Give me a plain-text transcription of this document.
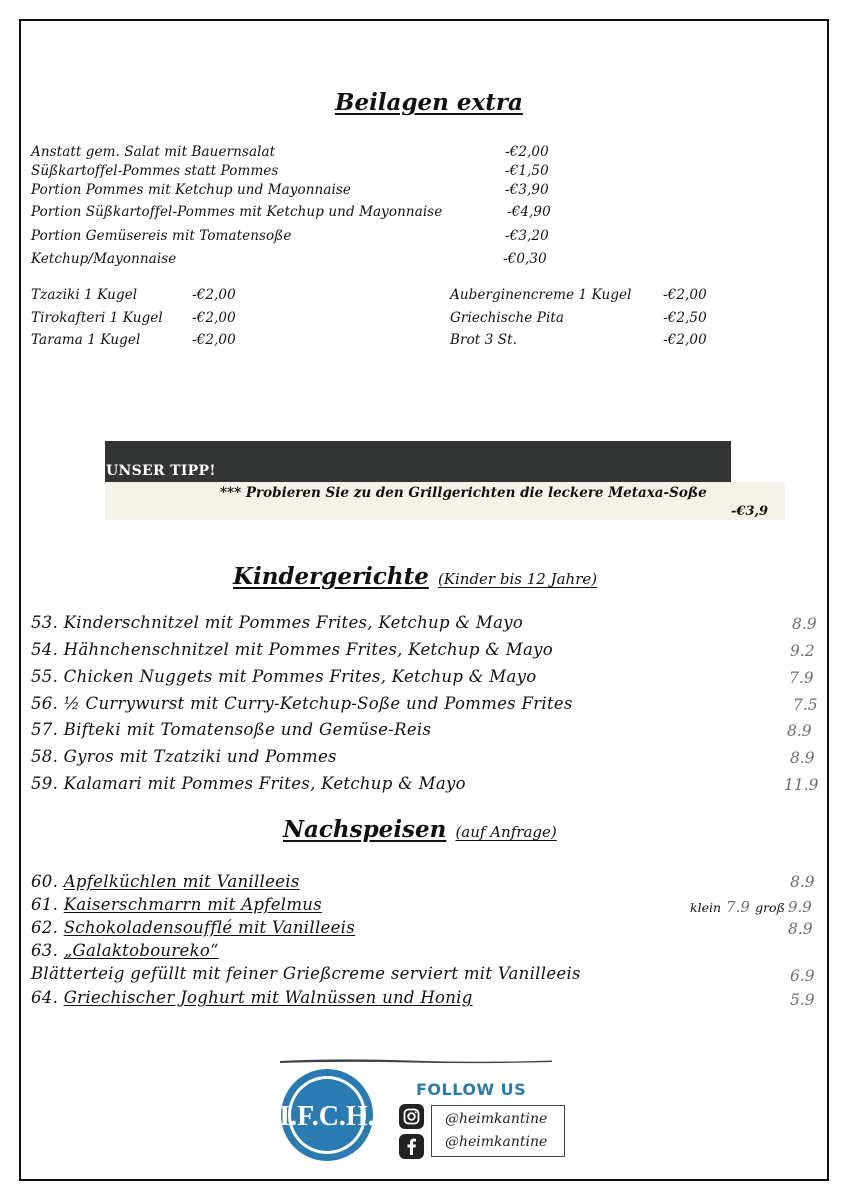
Beilagen extra
Anstatt gem. Salat mit Bauernsalat	-€2,00
Süßkartoffel-Pommes statt Pommes	-€1,50
Portion Pommes mit Ketchup und Mayonnaise	-€3,90
Portion Süßkartoffel-Pommes mit Ketchup und Mayonnaise	-€4,90
Portion Gemüsereis mit Tomatensoße	-€3,20
Ketchup/Mayonnaise	-€0,30
Tzaziki 1 Kugel	-€2,00
Tirokafteri 1 Kugel -€2,00
Tarama 1 Kugel	-€2,00
Auberginencreme 1 Kugel -€2,00
Griechische Pita	-€2,50
Brot 3 St.	-€2,00
UNSER TIPP!
*** Probieren Sie zu den Grillgerichten die leckere Metaxa-Soße
-€3,9
Kindergerichte (Kinder bis 12 Jahre)
53. Kinderschnitzel mit Pommes Frites, Ketchup & Mayo	8.9
54. Hähnchenschnitzel mit Pommes Frites, Ketchup & Mayo	9.2
55. Chicken Nuggets mit Pommes Frites, Ketchup & Mayo	7.9
56. ½ Currywurst mit Curry-Ketchup-Soße und Pommes Frites	7.5
57. Bifteki mit Tomatensoße und Gemüse-Reis	8.9
58. Gyros mit Tzatziki und Pommes	8.9
59. Kalamari mit Pommes Frites, Ketchup & Mayo	11.9
Nachspeisen (auf Anfrage)
60. Apfelküchlen mit Vanilleeis	8.9
61. Kaiserschmarrn mit Apfelmus	klein 7.9 groß 9.9
62. Schokoladensoufflé mit Vanilleeis	8.9
63. „Galaktoboureko“
Blätterteig gefüllt mit feiner Grießcreme serviert mit Vanilleeis	6.9
64. Griechischer Joghurt mit Walnüssen und Honig	5.9
I.F.C.H.
FOLLOW US
@heimkantine
@heimkantine
